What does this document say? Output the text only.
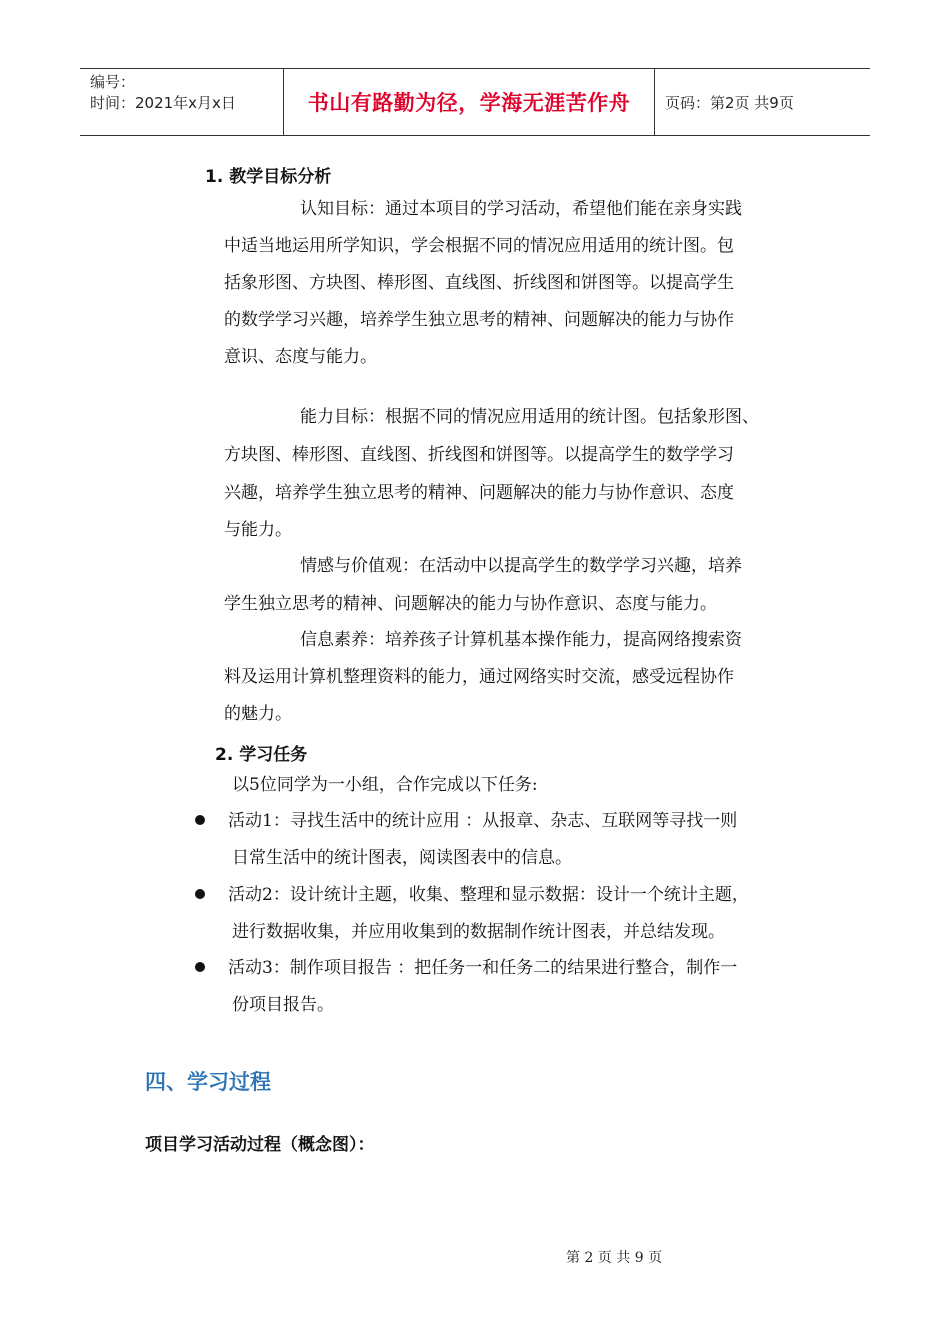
编号：
时间：2021年x月x日	书山有路勤为径，学海无涯苦作舟 页码：第2页 共9页
1. 教学目标分析
认知目标：通过本项目的学习活动，希望他们能在亲身实践
中适当地运用所学知识，学会根据不同的情况应用适用的统计图。包
括象形图、方块图、棒形图、直线图、折线图和饼图等。以提高学生
的数学学习兴趣，培养学生独立思考的精神、问题解决的能力与协作
意识、态度与能力。
能力目标：根据不同的情况应用适用的统计图。包括象形图、
方块图、棒形图、直线图、折线图和饼图等。以提高学生的数学学习
兴趣，培养学生独立思考的精神、问题解决的能力与协作意识、态度
与能力。
情感与价值观：在活动中以提高学生的数学学习兴趣，培养
学生独立思考的精神、问题解决的能力与协作意识、态度与能力。
信息素养：培养孩子计算机基本操作能力，提高网络搜索资
料及运用计算机整理资料的能力，通过网络实时交流，感受远程协作
的魅力。
2. 学习任务
以5位同学为一小组，合作完成以下任务:
活动1：寻找生活中的统计应用 ：从报章、杂志、互联网等寻找一则
日常生活中的统计图表，阅读图表中的信息。
活动2：设计统计主题，收集、整理和显示数据：设计一个统计主题，
进行数据收集，并应用收集到的数据制作统计图表，并总结发现。
活动3：制作项目报告 ：把任务一和任务二的结果进行整合，制作一
份项目报告。
四、学习过程
项目学习活动过程（概念图）：
第 2 页 共 9 页
